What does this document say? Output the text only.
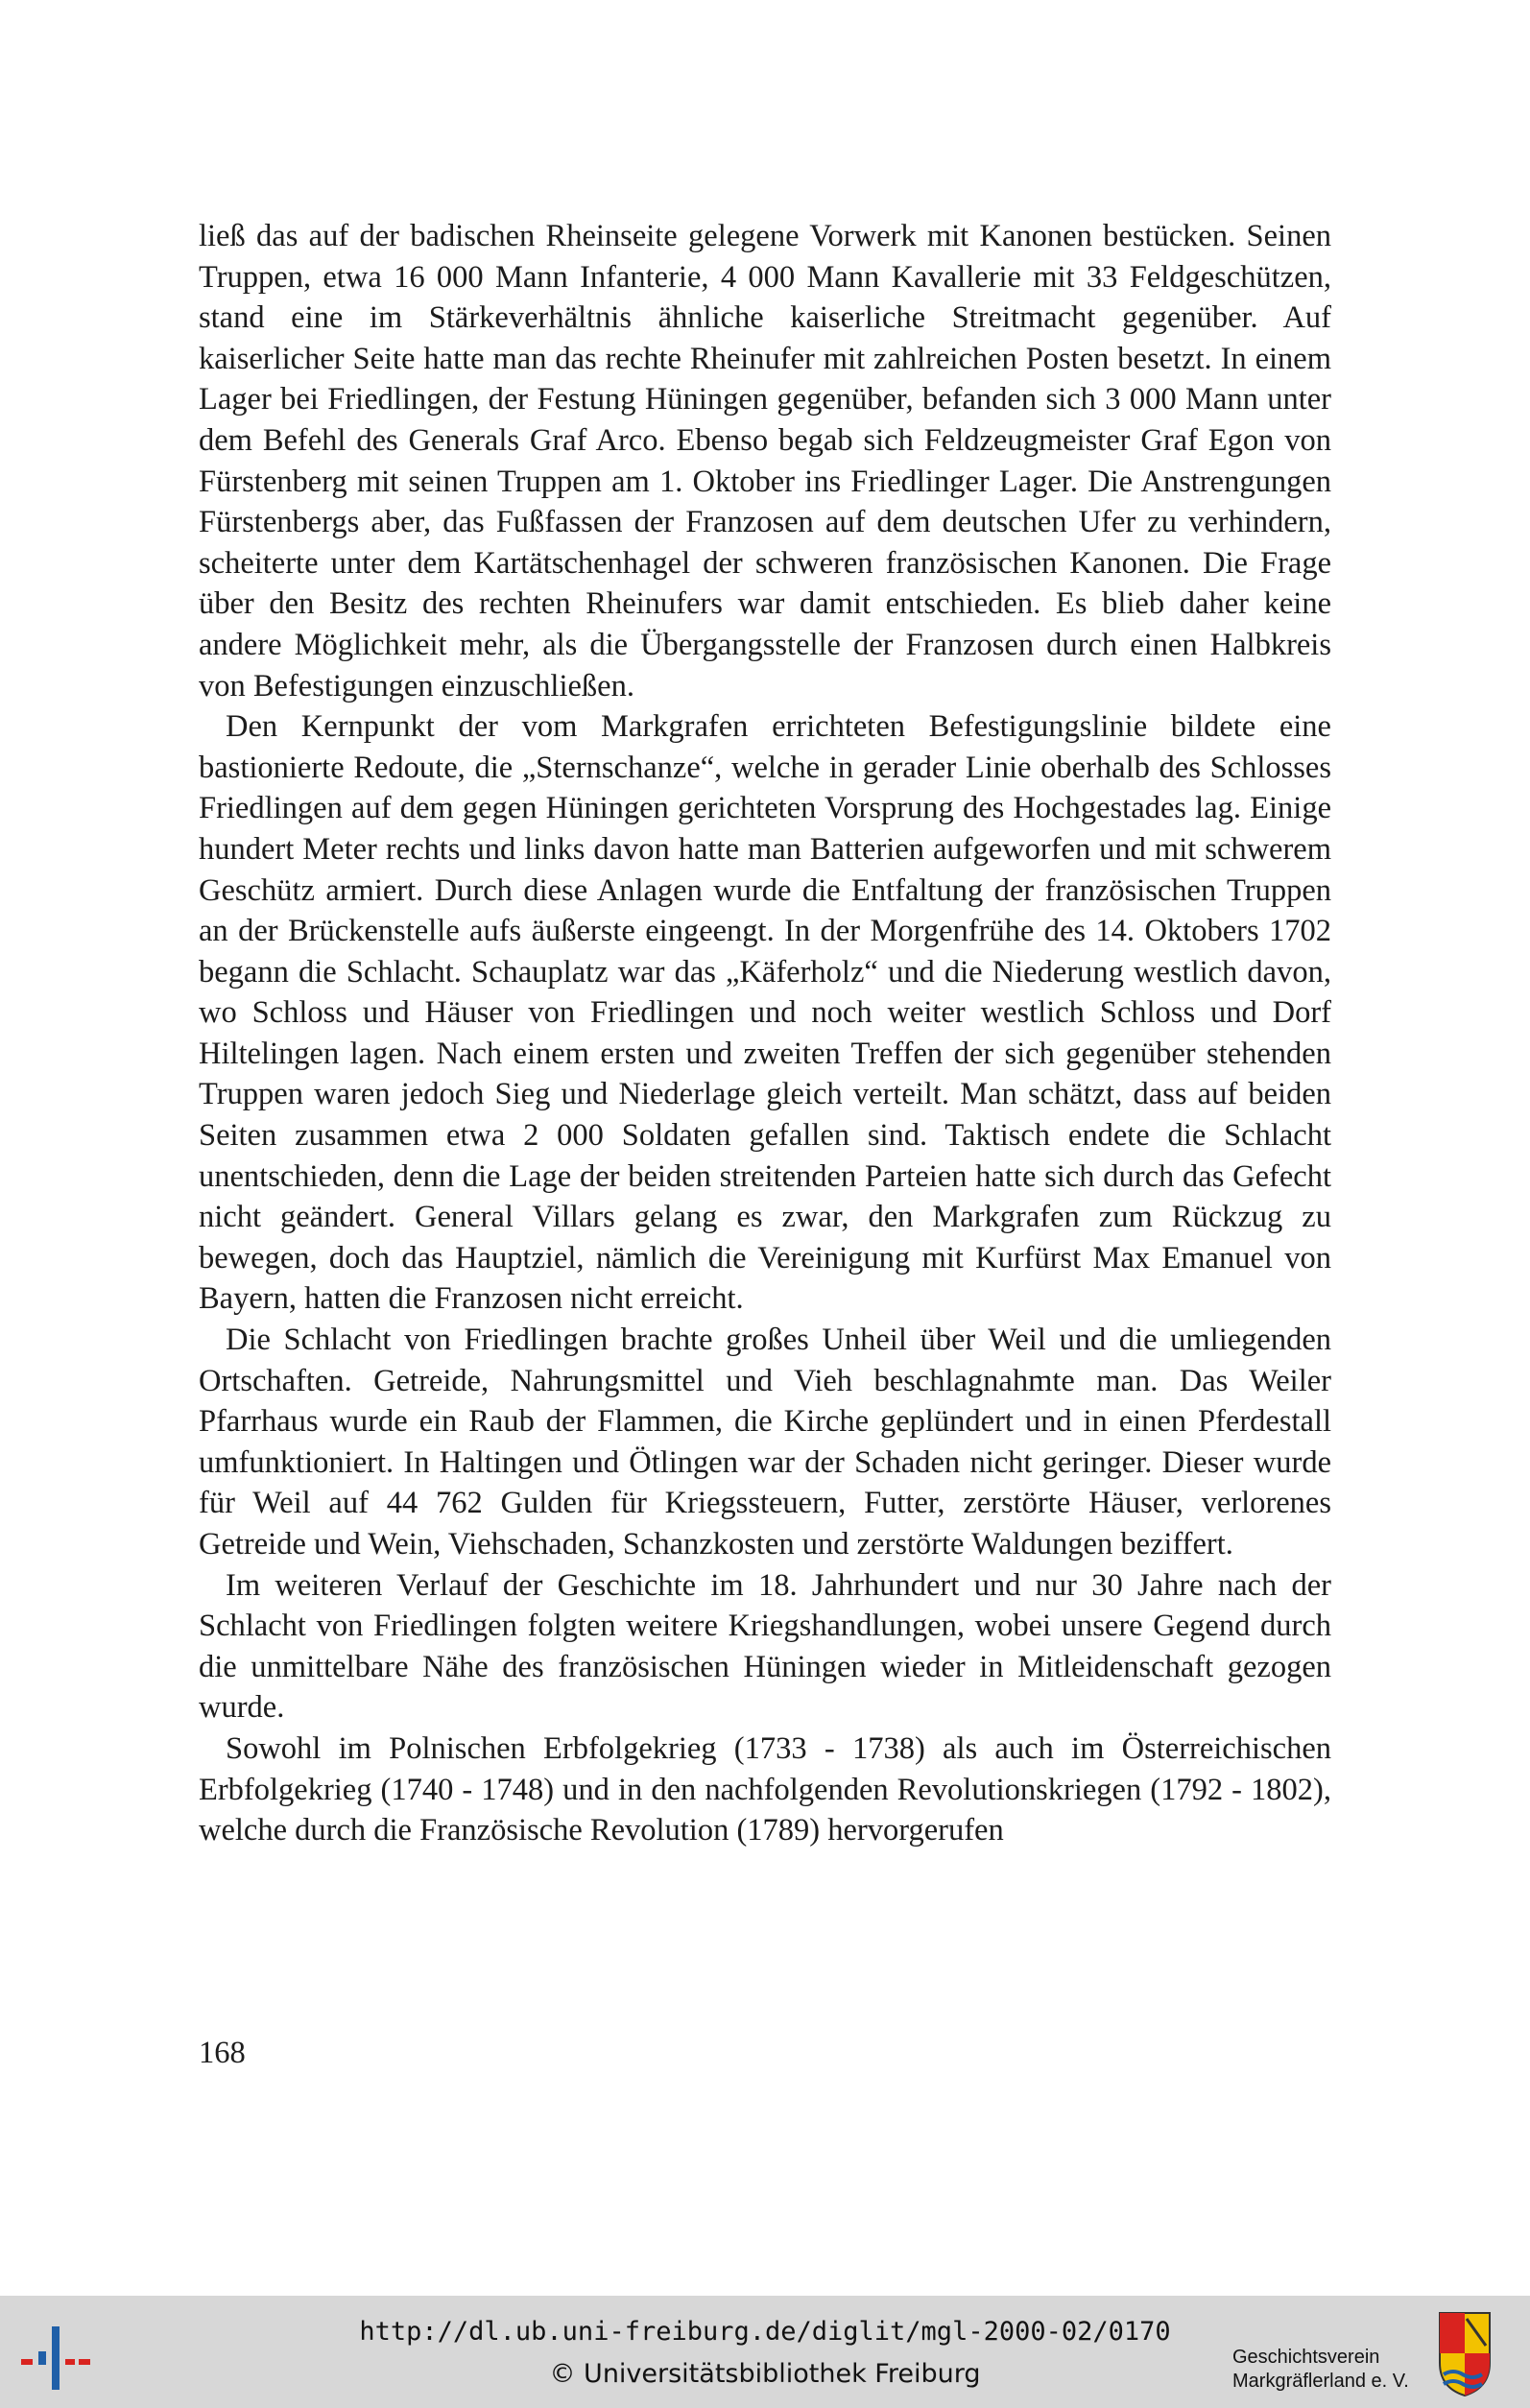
ließ das auf der badischen Rheinseite gelegene Vorwerk mit Kanonen bestücken. Seinen Truppen, etwa 16 000 Mann Infanterie, 4 000 Mann Kavallerie mit 33 Feldgeschützen, stand eine im Stärkeverhältnis ähnliche kaiserliche Streitmacht gegenüber. Auf kaiserlicher Seite hatte man das rechte Rheinufer mit zahlreichen Posten besetzt. In einem Lager bei Friedlingen, der Festung Hüningen gegenüber, befanden sich 3 000 Mann unter dem Befehl des Generals Graf Arco. Ebenso begab sich Feldzeugmeister Graf Egon von Fürstenberg mit seinen Truppen am 1. Oktober ins Friedlinger Lager. Die Anstrengungen Fürstenbergs aber, das Fußfassen der Franzosen auf dem deutschen Ufer zu verhindern, scheiterte unter dem Kartätschenhagel der schweren französischen Kanonen. Die Frage über den Besitz des rechten Rheinufers war damit entschieden. Es blieb daher keine andere Möglichkeit mehr, als die Übergangsstelle der Franzosen durch einen Halbkreis von Befestigungen einzuschließen.

Den Kernpunkt der vom Markgrafen errichteten Befestigungslinie bildete eine bastionierte Redoute, die „Sternschanze“, welche in gerader Linie oberhalb des Schlosses Friedlingen auf dem gegen Hüningen gerichteten Vorsprung des Hochgestades lag. Einige hundert Meter rechts und links davon hatte man Batterien aufgeworfen und mit schwerem Geschütz armiert. Durch diese Anlagen wurde die Entfaltung der französischen Truppen an der Brückenstelle aufs äußerste eingeengt. In der Morgenfrühe des 14. Oktobers 1702 begann die Schlacht. Schauplatz war das „Käferholz“ und die Niederung westlich davon, wo Schloss und Häuser von Friedlingen und noch weiter westlich Schloss und Dorf Hiltelingen lagen. Nach einem ersten und zweiten Treffen der sich gegenüber stehenden Truppen waren jedoch Sieg und Niederlage gleich verteilt. Man schätzt, dass auf beiden Seiten zusammen etwa 2 000 Soldaten gefallen sind. Taktisch endete die Schlacht unentschieden, denn die Lage der beiden streitenden Parteien hatte sich durch das Gefecht nicht geändert. General Villars gelang es zwar, den Markgrafen zum Rückzug zu bewegen, doch das Hauptziel, nämlich die Vereinigung mit Kurfürst Max Emanuel von Bayern, hatten die Franzosen nicht erreicht.

Die Schlacht von Friedlingen brachte großes Unheil über Weil und die umliegenden Ortschaften. Getreide, Nahrungsmittel und Vieh beschlagnahmte man. Das Weiler Pfarrhaus wurde ein Raub der Flammen, die Kirche geplündert und in einen Pferdestall umfunktioniert. In Haltingen und Ötlingen war der Schaden nicht geringer. Dieser wurde für Weil auf 44 762 Gulden für Kriegssteuern, Futter, zerstörte Häuser, verlorenes Getreide und Wein, Viehschaden, Schanzkosten und zerstörte Waldungen beziffert.

Im weiteren Verlauf der Geschichte im 18. Jahrhundert und nur 30 Jahre nach der Schlacht von Friedlingen folgten weitere Kriegshandlungen, wobei unsere Gegend durch die unmittelbare Nähe des französischen Hüningen wieder in Mitleidenschaft gezogen wurde.

Sowohl im Polnischen Erbfolgekrieg (1733 - 1738) als auch im Österreichischen Erbfolgekrieg (1740 - 1748) und in den nachfolgenden Revolutionskriegen (1792 - 1802), welche durch die Französische Revolution (1789) hervorgerufen

168
http://dl.ub.uni-freiburg.de/diglit/mgl-2000-02/0170
© Universitätsbibliothek Freiburg
Geschichtsverein
Markgräflerland e. V.
